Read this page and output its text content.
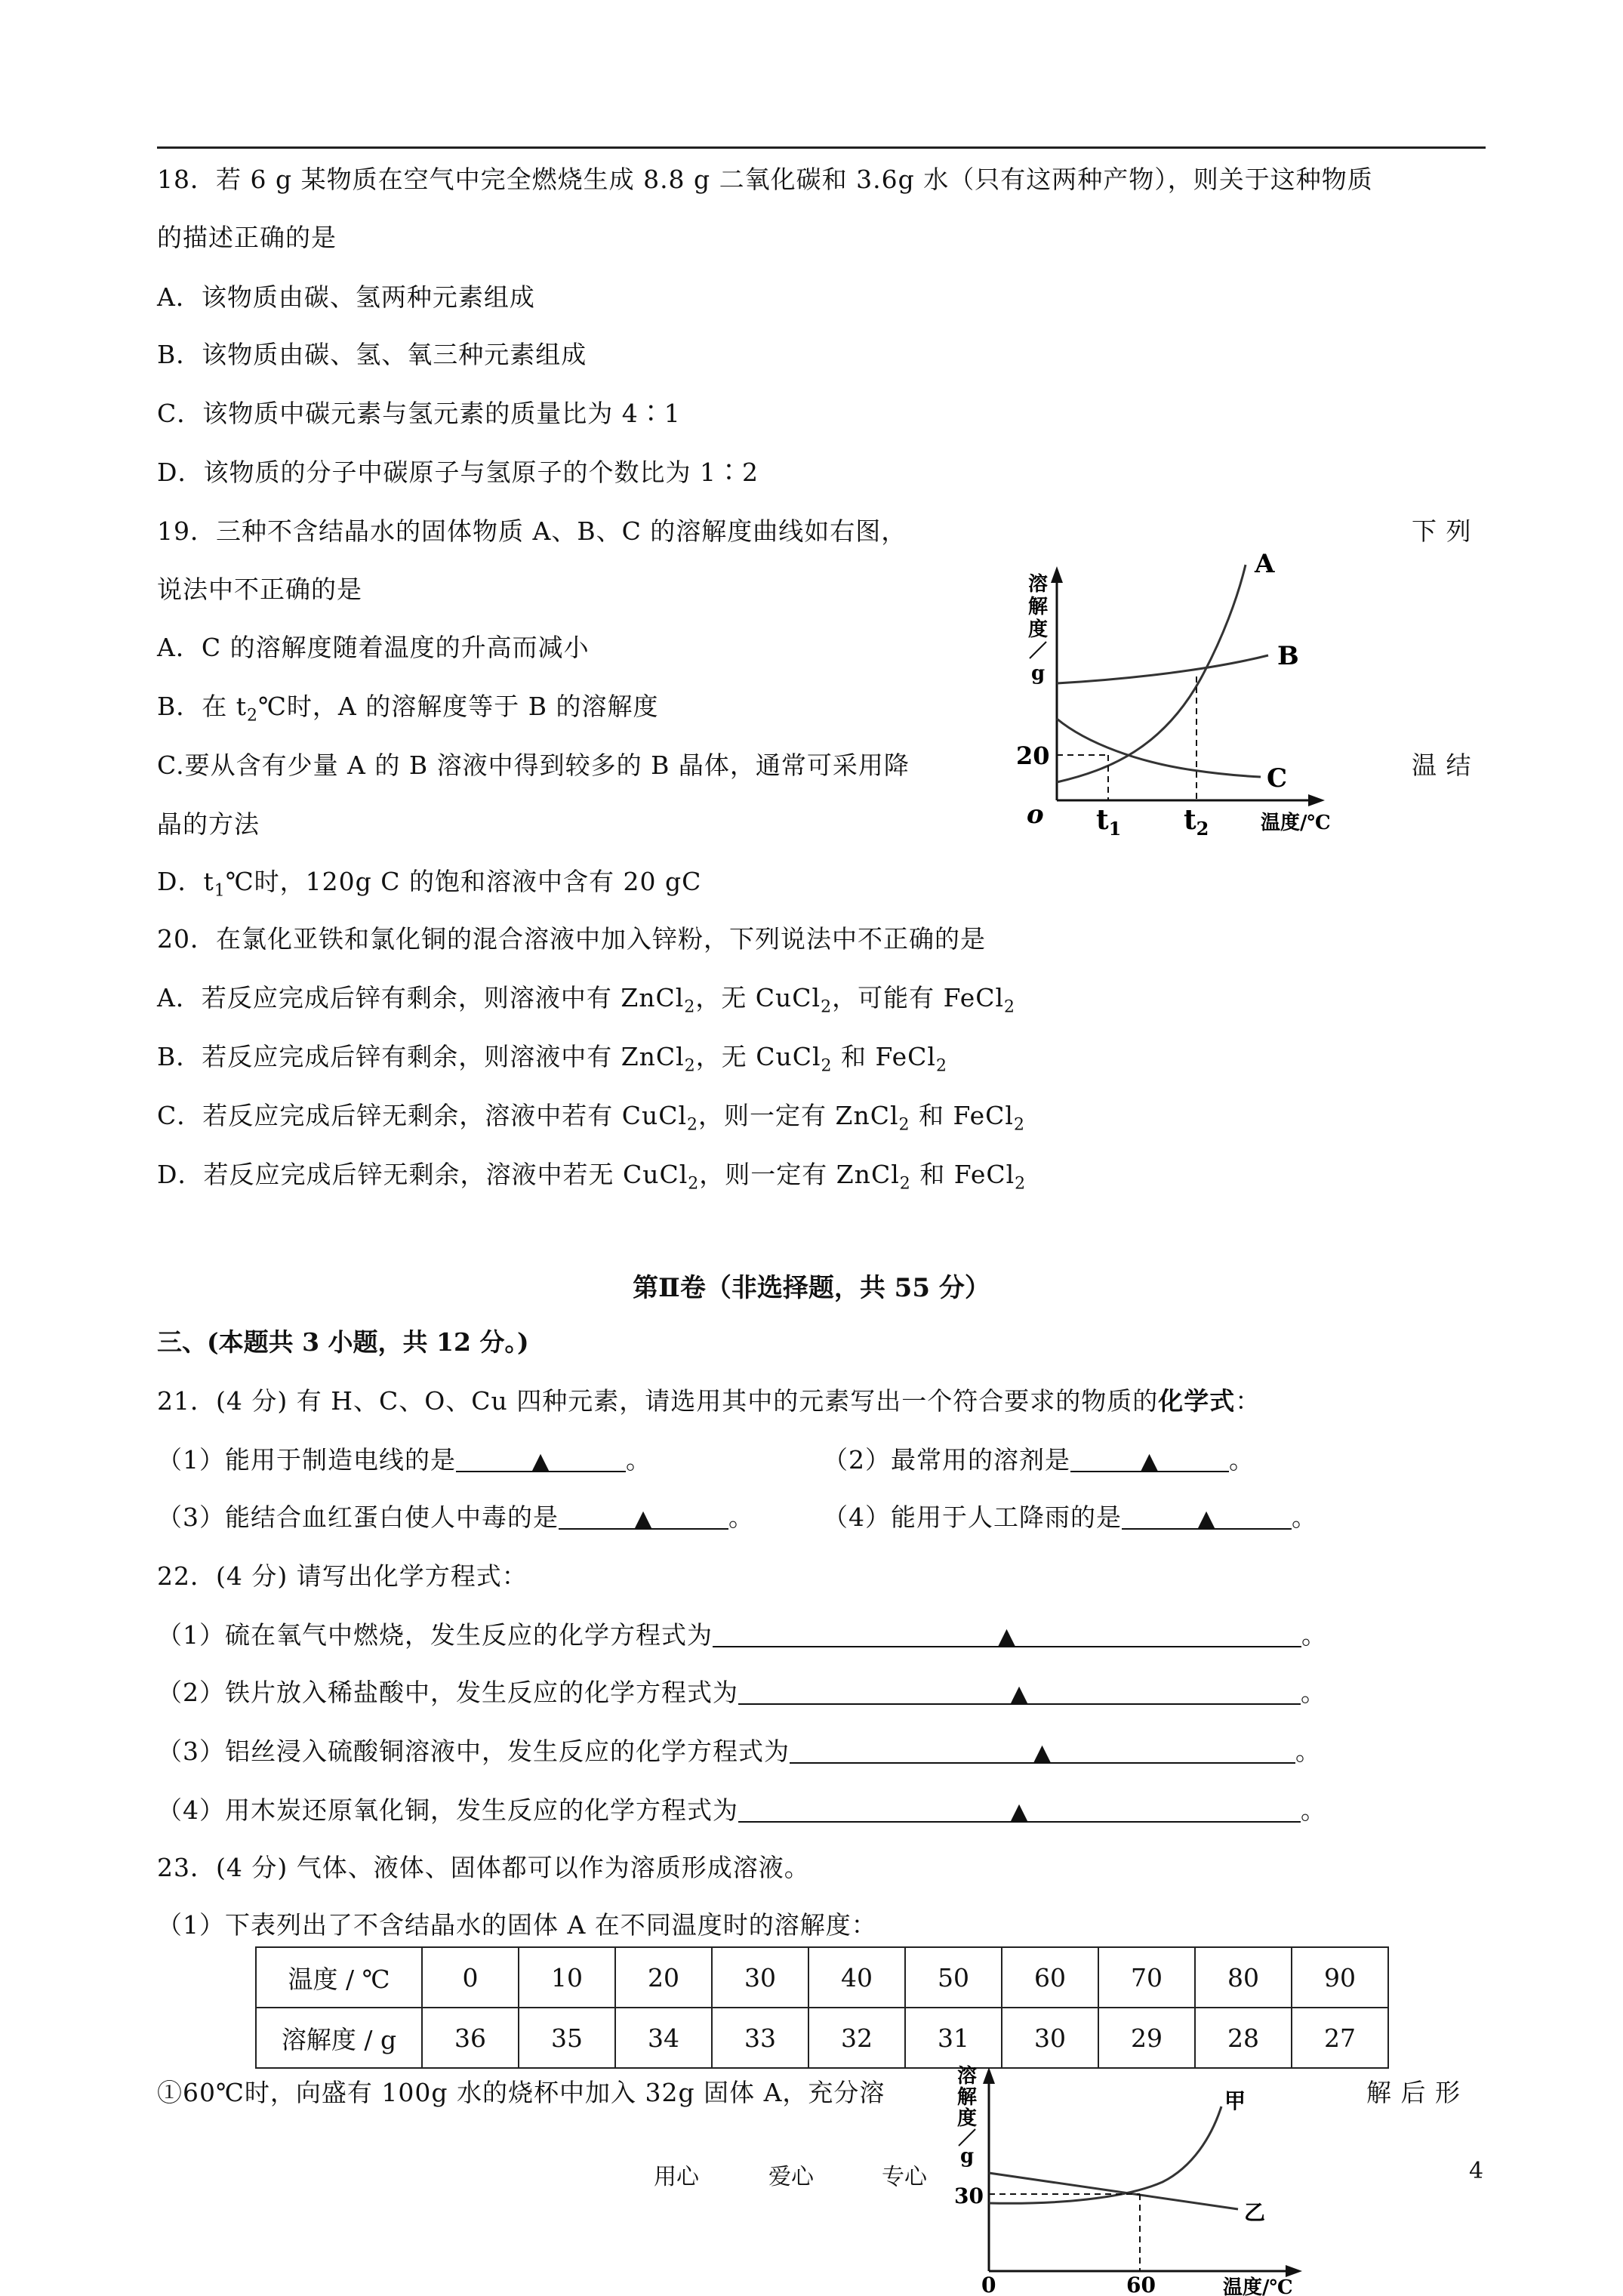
18．若 6 g 某物质在空气中完全燃烧生成 8.8 g 二氧化碳和 3.6g 水（只有这两种产物），则关于这种物质
的描述正确的是
A．该物质由碳、氢两种元素组成
B．该物质由碳、氢、氧三种元素组成
C．该物质中碳元素与氢元素的质量比为 4∶1
D．该物质的分子中碳原子与氢原子的个数比为 1∶2
19．三种不含结晶水的固体物质 A、B、C 的溶解度曲线如右图，	下 列
说法中不正确的是
A．C 的溶解度随着温度的升高而减小
B．在 $t_2℃$时，A 的溶解度等于 B 的溶解度
C.要从含有少量 A 的 B 溶液中得到较多的 B 晶体，通常可采用降	温 结
晶的方法
D．$t_1℃$时，120g C 的饱和溶液中含有 20 gC
溶
解
度
g
A
B
C
20
o $t_1$ $t_2$	温度/℃
20．在氯化亚铁和氯化铜的混合溶液中加入锌粉，下列说法中不正确的是
A．若反应完成后锌有剩余，则溶液中有 ZnCl$_2$，无 CuCl$_2$，可能有 FeCl$_2$
B．若反应完成后锌有剩余，则溶液中有 ZnCl$_2$，无 CuCl$_2$ 和 FeCl$_2$
C．若反应完成后锌无剩余，溶液中若有 CuCl$_2$，则一定有 ZnCl$_2$ 和 FeCl$_2$
D．若反应完成后锌无剩余，溶液中若无 CuCl$_2$，则一定有 ZnCl$_2$ 和 FeCl$_2$
第Ⅱ卷（非选择题，共 55 分）
三、(本题共 3 小题，共 12 分。)
21．(4 分) 有 H、C、O、Cu 四种元素，请选用其中的元素写出一个符合要求的物质的化学式：
（1）能用于制造电线的是	▲	。	（2）最常用的溶剂是	▲	。
（3）能结合血红蛋白使人中毒的是	▲	。	（4）能用于人工降雨的是	▲	。
22．(4 分) 请写出化学方程式：
（1）硫在氧气中燃烧，发生反应的化学方程式为	▲	。
（2）铁片放入稀盐酸中，发生反应的化学方程式为	▲	。
（3）铝丝浸入硫酸铜溶液中，发生反应的化学方程式为	▲	。
（4）用木炭还原氧化铜，发生反应的化学方程式为	▲	。
23．(4 分) 气体、液体、固体都可以作为溶质形成溶液。
（1）下表列出了不含结晶水的固体 A 在不同温度时的溶解度：
温度 / ℃	0	10	20	30	40	50	60	70	80	90
溶解度 / g	36	35	34	33	32	31	30	29	28	27
①60℃时，向盛有 100g 水的烧杯中加入 32g 固体 A，充分溶	解 后 形
溶
解
度
g
甲
乙
30
0	60	温度/℃
用心	爱心	专心	4
